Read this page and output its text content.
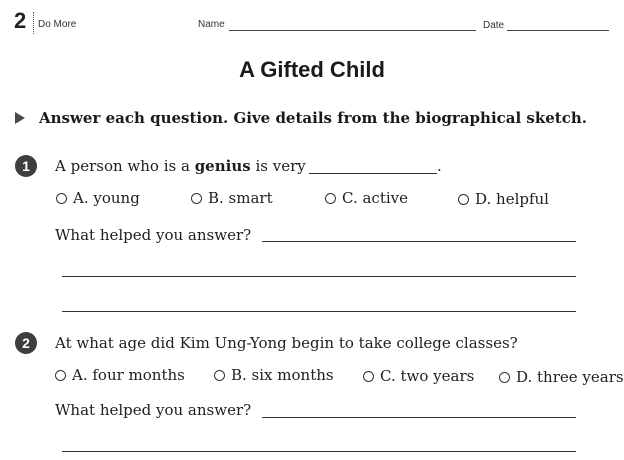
2 Do More	Name	Date
A Gifted Child
Answer each question. Give details from the biographical sketch.
1	A person who is a genius is very	.
A. young	B. smart	C. active	D. helpful
What helped you answer?
2	At what age did Kim Ung-Yong begin to take college classes?
A. four months	B. six months	C. two years	D. three years
What helped you answer?
